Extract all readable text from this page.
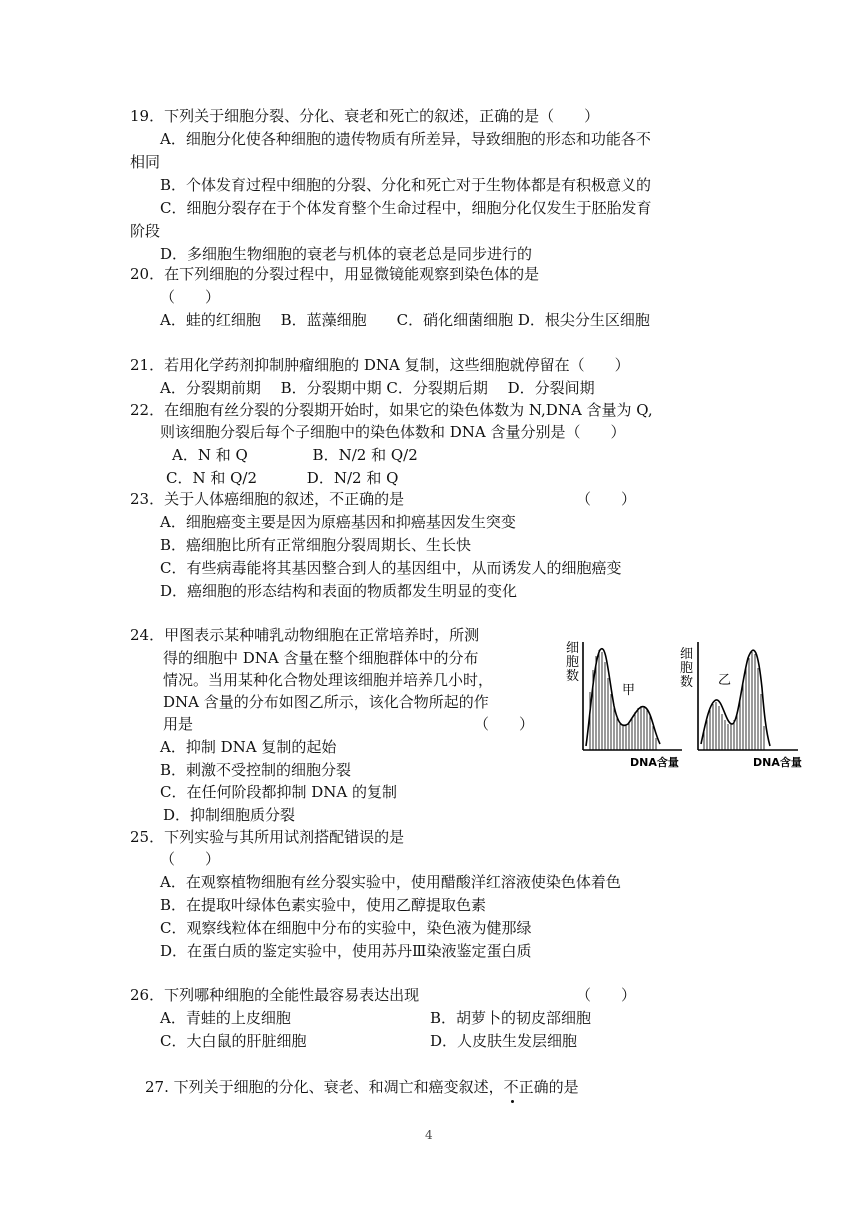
19．下列关于细胞分裂、分化、衰老和死亡的叙述，正确的是（　　）
A．细胞分化使各种细胞的遗传物质有所差异，导致细胞的形态和功能各不
相同
B．个体发育过程中细胞的分裂、分化和死亡对于生物体都是有积极意义的
C．细胞分裂存在于个体发育整个生命过程中，细胞分化仅发生于胚胎发育
阶段
D．多细胞生物细胞的衰老与机体的衰老总是同步进行的
20．在下列细胞的分裂过程中，用显微镜能观察到染色体的是
（　　）
A．蛙的红细胞　 B．蓝藻细胞　　C．硝化细菌细胞 D．根尖分生区细胞
21．若用化学药剂抑制肿瘤细胞的 DNA 复制，这些细胞就停留在（　　）
A．分裂期前期　 B．分裂期中期 C．分裂期后期　 D．分裂间期
22．在细胞有丝分裂的分裂期开始时，如果它的染色体数为 N,DNA 含量为 Q,
则该细胞分裂后每个子细胞中的染色体数和 DNA 含量分别是（　　）
A．N 和 Q　　　　 B．N/2 和 Q/2
C．N 和 Q/2　　　 D．N/2 和 Q
23．关于人体癌细胞的叙述，不正确的是	（　　）
A．细胞癌变主要是因为原癌基因和抑癌基因发生突变
B．癌细胞比所有正常细胞分裂周期长、生长快
C．有些病毒能将其基因整合到人的基因组中，从而诱发人的细胞癌变
D．癌细胞的形态结构和表面的物质都发生明显的变化
24．甲图表示某种哺乳动物细胞在正常培养时，所测
得的细胞中 DNA 含量在整个细胞群体中的分布
情况。当用某种化合物处理该细胞并培养几小时，
DNA 含量的分布如图乙所示，该化合物所起的作
用是	（　　）
A．抑制 DNA 复制的起始
B．刺激不受控制的细胞分裂
C．在任何阶段都抑制 DNA 的复制
D．抑制细胞质分裂
细
胞
数
甲
DNA含量
细
胞
数 乙
DNA含量
25．下列实验与其所用试剂搭配错误的是
（　　）
A．在观察植物细胞有丝分裂实验中，使用醋酸洋红溶液使染色体着色
B．在提取叶绿体色素实验中，使用乙醇提取色素
C．观察线粒体在细胞中分布的实验中，染色液为健那绿
D．在蛋白质的鉴定实验中，使用苏丹Ⅲ染液鉴定蛋白质
26．下列哪种细胞的全能性最容易表达出现	（　　）
A．青蛙的上皮细胞	B．胡萝卜的韧皮部细胞
C．大白鼠的肝脏细胞	D．人皮肤生发层细胞
27. 下列关于细胞的分化、衰老、和凋亡和癌变叙述，不
正确的是
4
